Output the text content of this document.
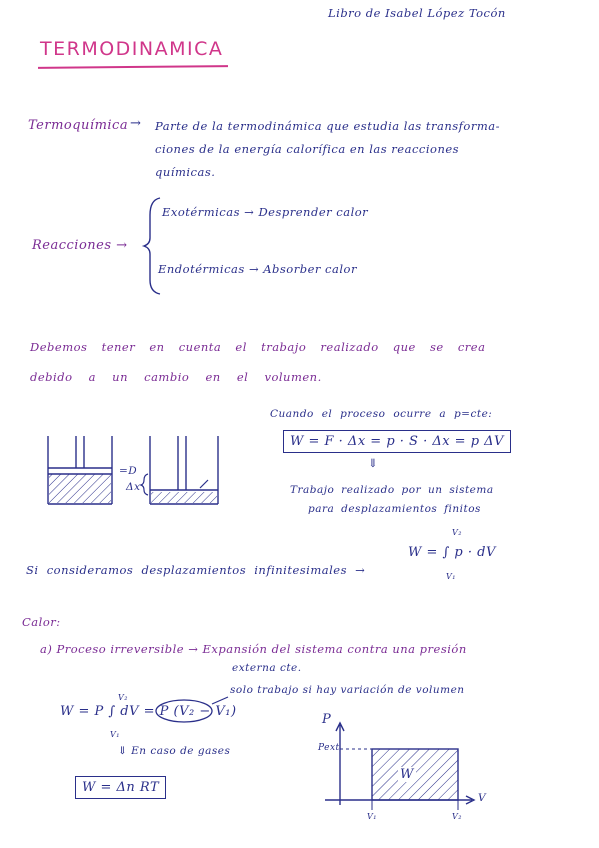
Libro de Isabel López Tocón
TERMODINAMICA
Termoquímica → Parte de la termodinámica que estudia las transforma-
ciones de la energía calorífica en las reacciones
químicas.
Reacciones →
Exotérmicas → Desprender calor
Endotérmicas → Absorber calor
Debemos tener en cuenta el trabajo realizado que se crea
debido a un cambio en el volumen.
=D
Δx
Cuando el proceso ocurre a p=cte:
W = F · Δx = p · S · Δx = p ΔV
⇓
Trabajo realizado por un sistema
para desplazamientos finitos
Si consideramos desplazamientos infinitesimales →
W = ∫ p · dV
V₂
V₁
Calor:
a) Proceso irreversible → Expansión del sistema contra una presión
externa cte.
W = P ∫ dV = P (V₂ − V₁)
V₂
V₁
solo trabajo si hay variación de volumen
⇓ En caso de gases
W = Δn RT
P
V
Pext
W
V₁	V₂
